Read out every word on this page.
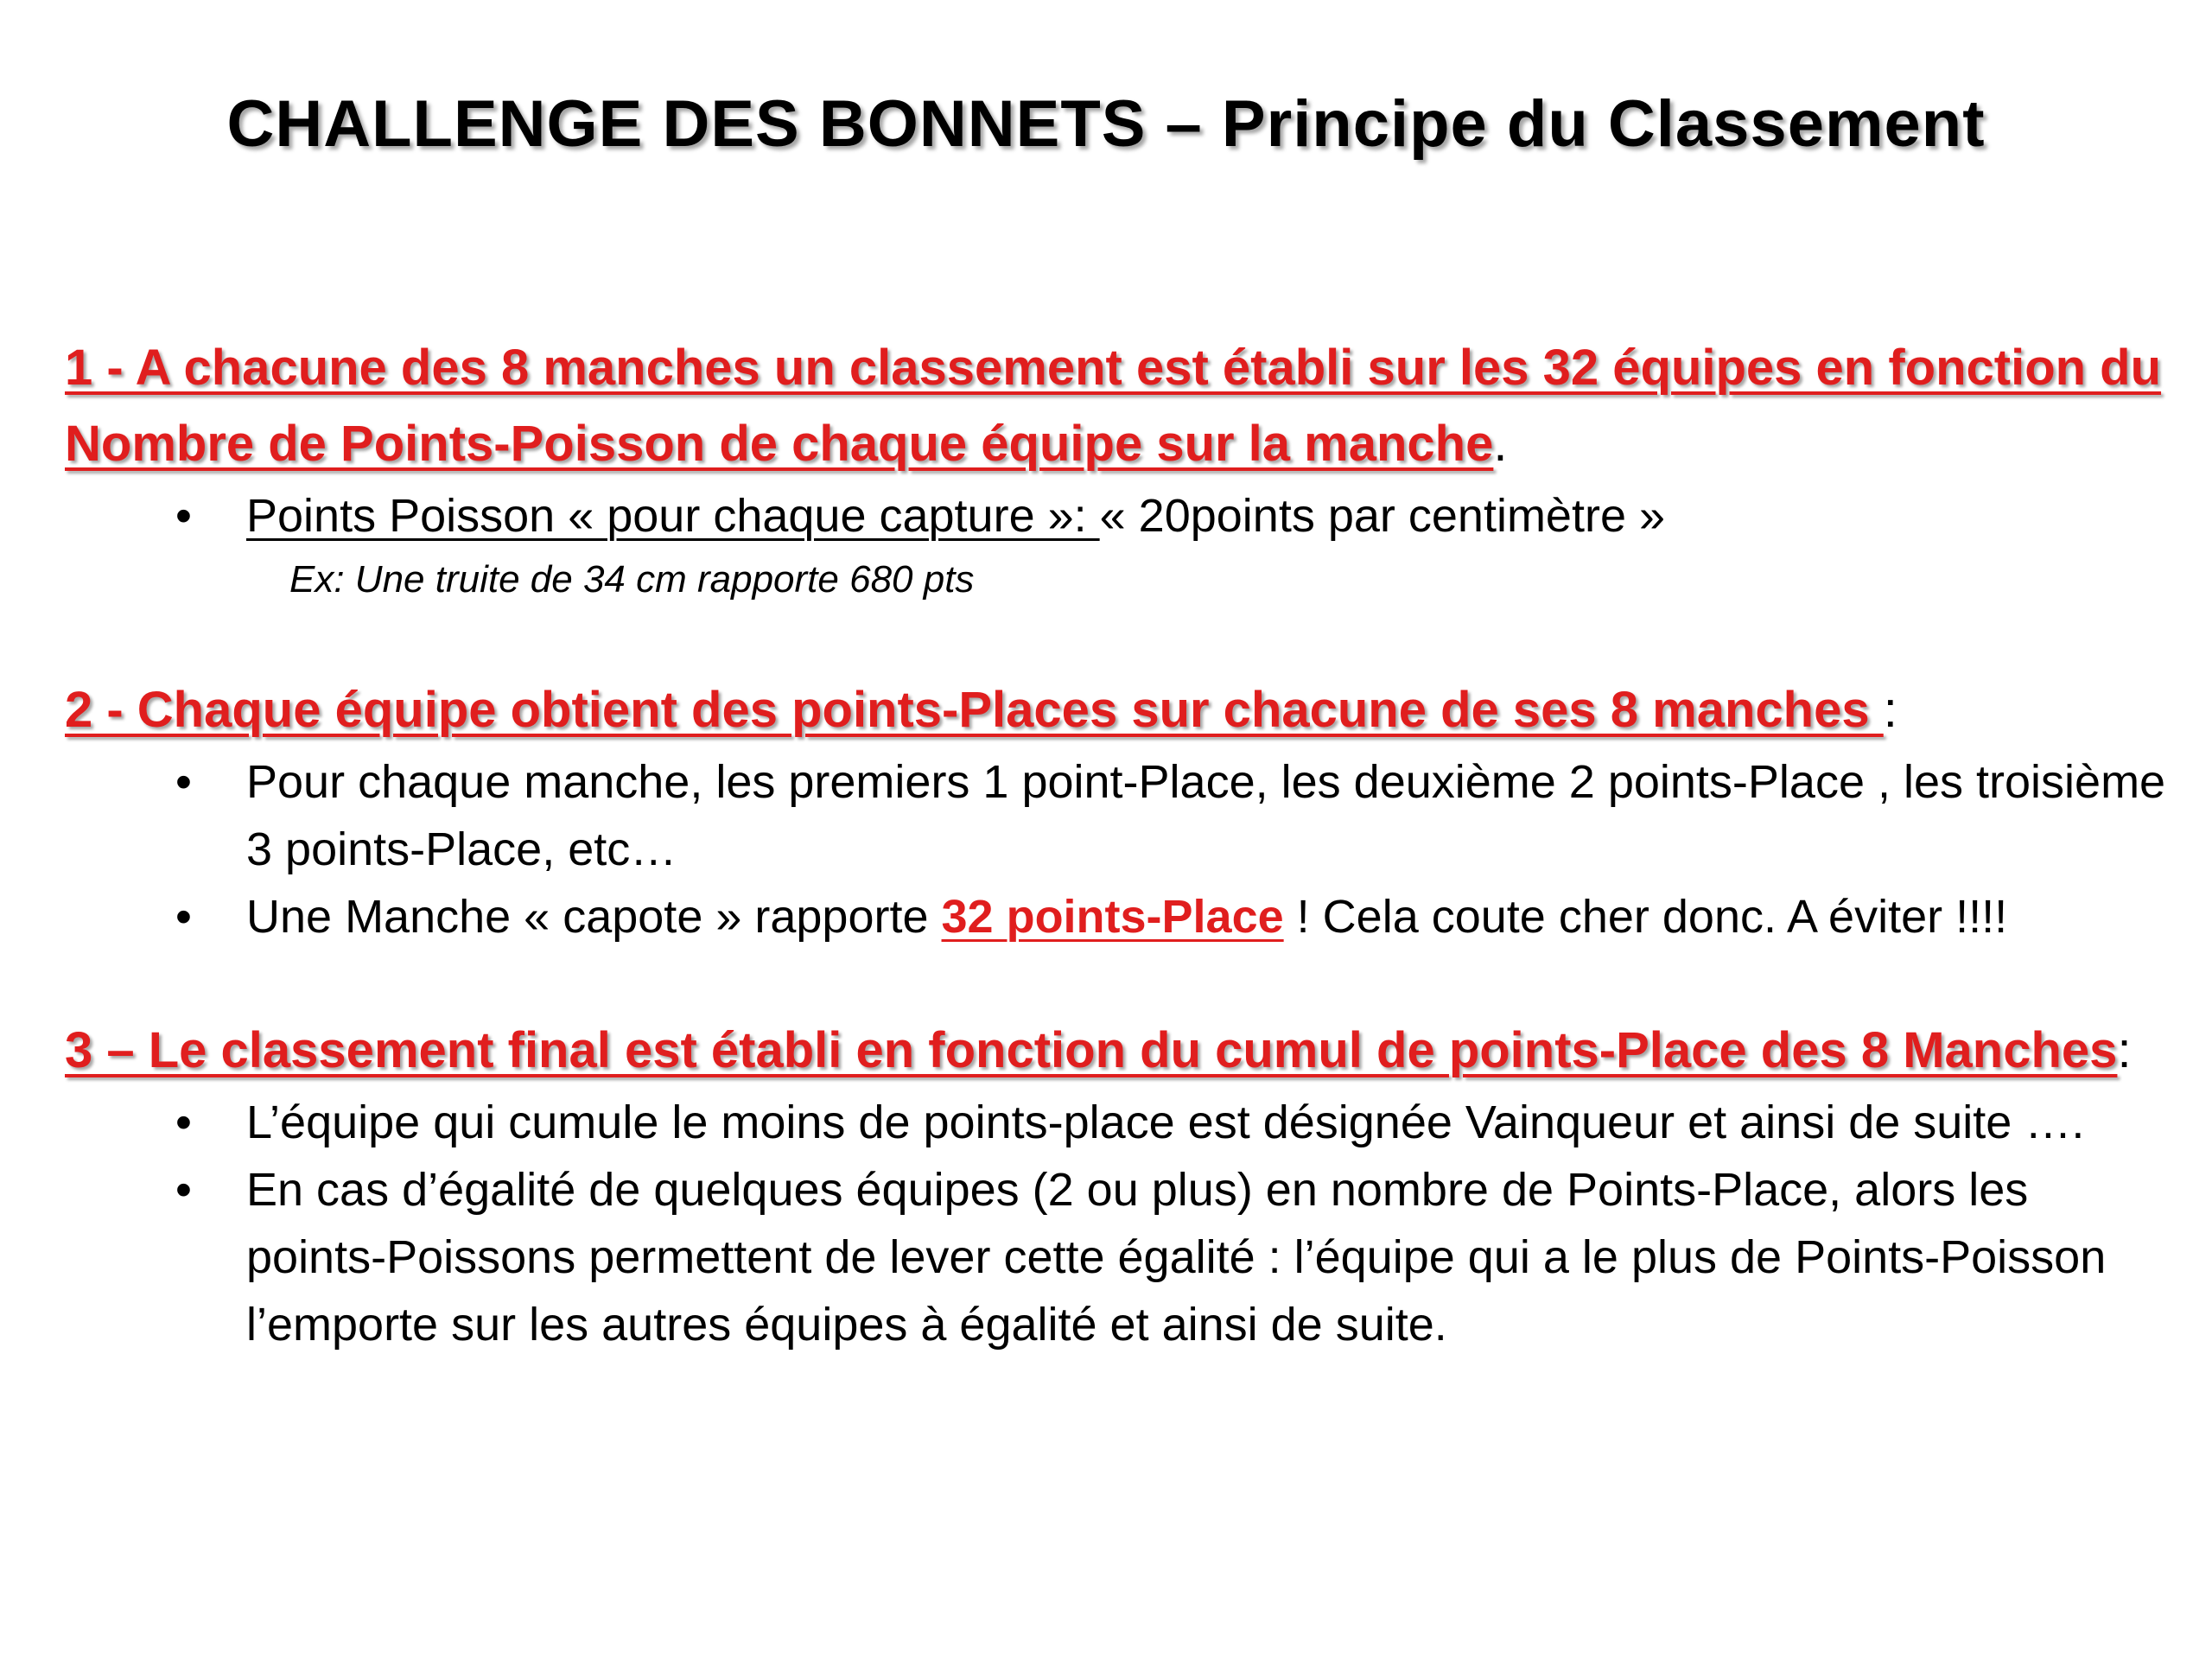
CHALLENGE DES BONNETS – Principe du Classement

1 - A chacune des 8 manches un classement est établi sur les 32 équipes en fonction du Nombre de Points-Poisson de chaque équipe sur la manche.

• Points Poisson « pour chaque capture »: « 20points par centimètre »
Ex: Une truite de 34 cm rapporte 680 pts

2 - Chaque équipe obtient des points-Places sur chacune de ses 8 manches :

• Pour chaque manche, les premiers 1 point-Place, les deuxième 2 points-Place , les troisième 3 points-Place, etc…
• Une Manche « capote » rapporte 32 points-Place ! Cela coute cher donc. A éviter !!!!

3 – Le classement final est établi en fonction du cumul de points-Place des 8 Manches:

• L’équipe qui cumule le moins de points-place est désignée Vainqueur et ainsi de suite ….
• En cas d’égalité de quelques équipes (2 ou plus) en nombre de Points-Place, alors les points-Poissons permettent de lever cette égalité : l’équipe qui a le plus de Points-Poisson l’emporte sur les autres équipes à égalité et ainsi de suite.
